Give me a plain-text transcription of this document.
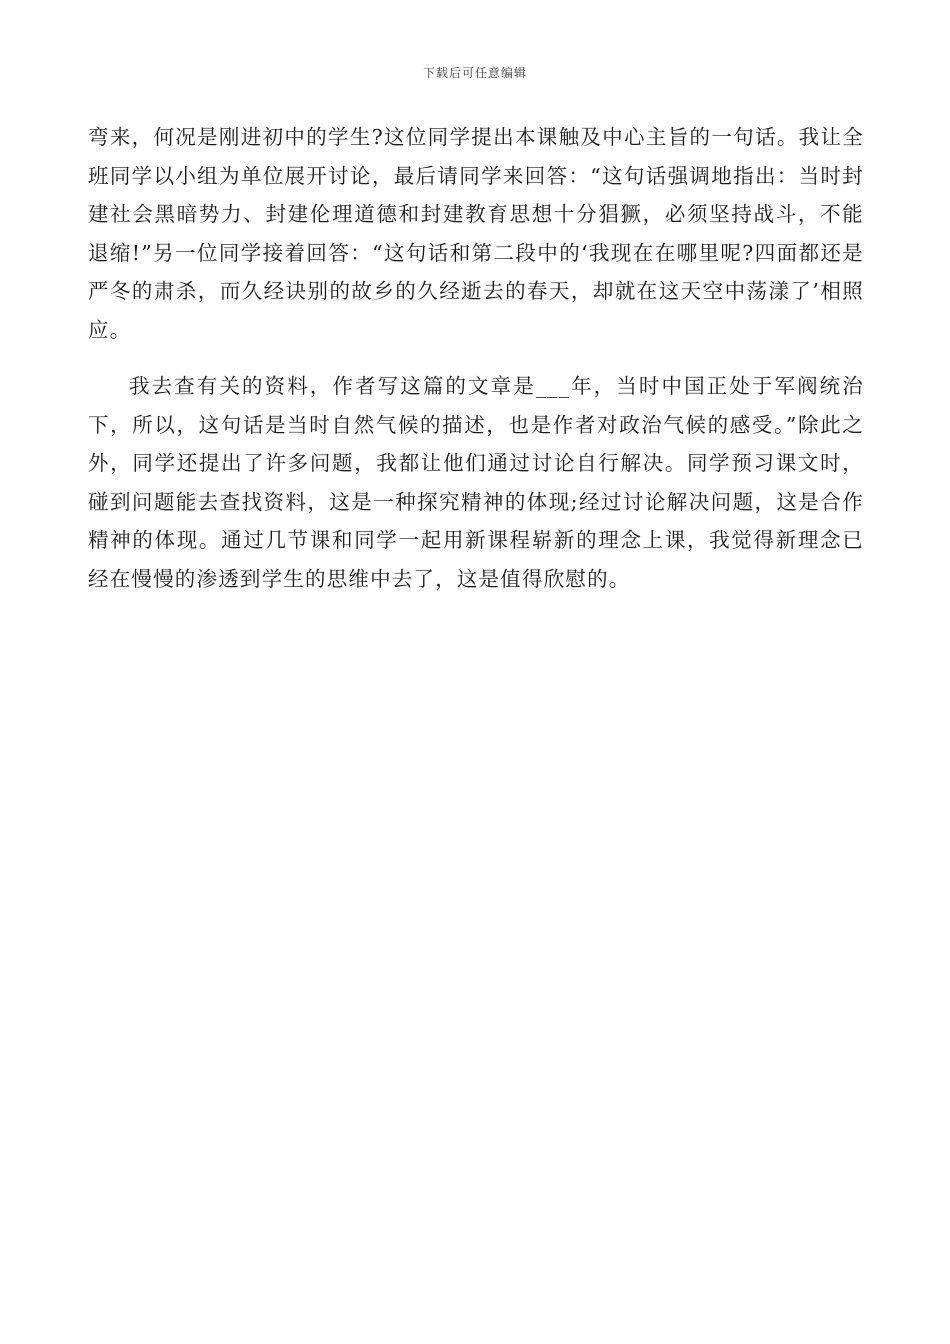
下载后可任意编辑

弯来，何况是刚进初中的学生?这位同学提出本课触及中心主旨的一句话。我让全班同学以小组为单位展开讨论，最后请同学来回答：“这句话强调地指出：当时封建社会黑暗势力、封建伦理道德和封建教育思想十分猖獗，必须坚持战斗，不能退缩!”另一位同学接着回答：“这句话和第二段中的‘我现在在哪里呢?四面都还是严冬的肃杀，而久经诀别的故乡的久经逝去的春天，却就在这天空中荡漾了’相照应。

我去查有关的资料，作者写这篇的文章是___年，当时中国正处于军阀统治下，所以，这句话是当时自然气候的描述，也是作者对政治气候的感受。”除此之外，同学还提出了许多问题，我都让他们通过讨论自行解决。同学预习课文时，碰到问题能去查找资料，这是一种探究精神的体现;经过讨论解决问题，这是合作精神的体现。通过几节课和同学一起用新课程崭新的理念上课，我觉得新理念已经在慢慢的渗透到学生的思维中去了，这是值得欣慰的。
